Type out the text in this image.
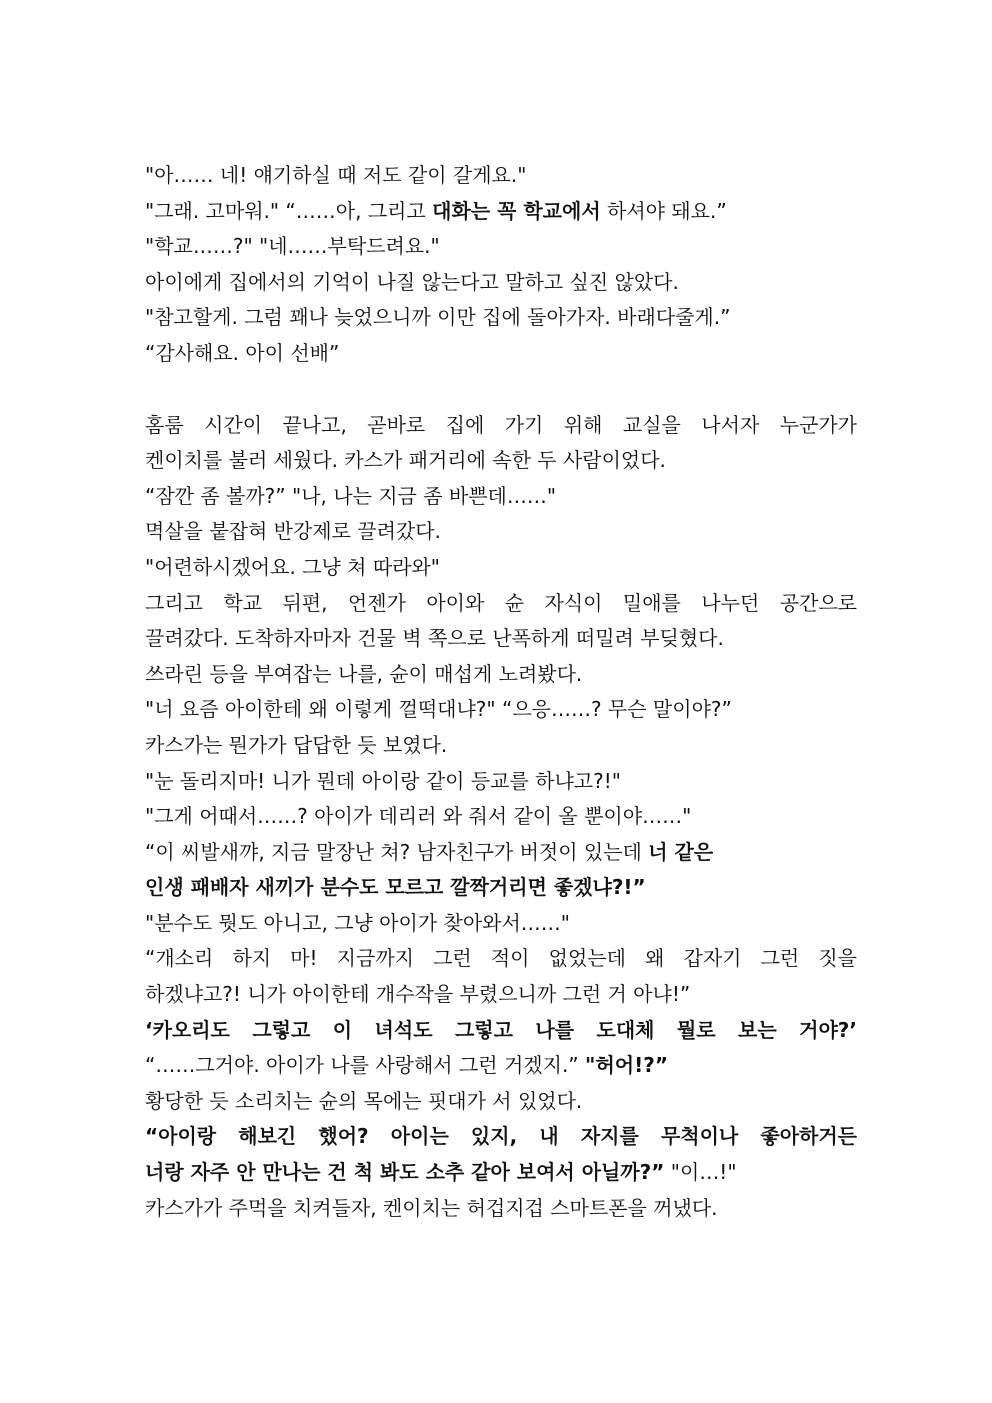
"아…… 네! 얘기하실 때 저도 같이 갈게요."
"그래. 고마워." “……아, 그리고 대화는 꼭 학교에서 하셔야 돼요.”
"학교……?" "네……부탁드려요."
아이에게 집에서의 기억이 나질 않는다고 말하고 싶진 않았다.
"참고할게. 그럼 꽤나 늦었으니까 이만 집에 돌아가자. 바래다줄게.”
“감사해요. 아이 선배”
홈룸 시간이 끝나고, 곧바로 집에 가기 위해 교실을 나서자 누군가가
켄이치를 불러 세웠다. 카스가 패거리에 속한 두 사람이었다.
“잠깐 좀 볼까?” "나, 나는 지금 좀 바쁜데……"
멱살을 붙잡혀 반강제로 끌려갔다.
"어련하시겠어요. 그냥 쳐 따라와"
그리고 학교 뒤편, 언젠가 아이와 슌 자식이 밀애를 나누던 공간으로
끌려갔다. 도착하자마자 건물 벽 쪽으로 난폭하게 떠밀려 부딪혔다.
쓰라린 등을 부여잡는 나를, 슌이 매섭게 노려봤다.
"너 요즘 아이한테 왜 이렇게 껄떡대냐?" “으응……? 무슨 말이야?”
카스가는 뭔가가 답답한 듯 보였다.
"눈 돌리지마! 니가 뭔데 아이랑 같이 등교를 하냐고?!"
"그게 어때서……? 아이가 데리러 와 줘서 같이 올 뿐이야……"
“이 씨발새꺄, 지금 말장난 쳐? 남자친구가 버젓이 있는데 너 같은
인생 패배자 새끼가 분수도 모르고 깔짝거리면 좋겠냐?!”
"분수도 뭣도 아니고, 그냥 아이가 찾아와서……"
“개소리 하지 마! 지금까지 그런 적이 없었는데 왜 갑자기 그런 짓을
하겠냐고?! 니가 아이한테 개수작을 부렸으니까 그런 거 아냐!”
‘카오리도 그렇고 이 녀석도 그렇고 나를 도대체 뭘로 보는 거야?’
“……그거야. 아이가 나를 사랑해서 그런 거겠지.” "허어!?”
황당한 듯 소리치는 슌의 목에는 핏대가 서 있었다.
“아이랑 해보긴 했어? 아이는 있지, 내 자지를 무척이나 좋아하거든
너랑 자주 안 만나는 건 척 봐도 소추 같아 보여서 아닐까?” "이…!"
카스가가 주먹을 치켜들자, 켄이치는 허겁지겁 스마트폰을 꺼냈다.
